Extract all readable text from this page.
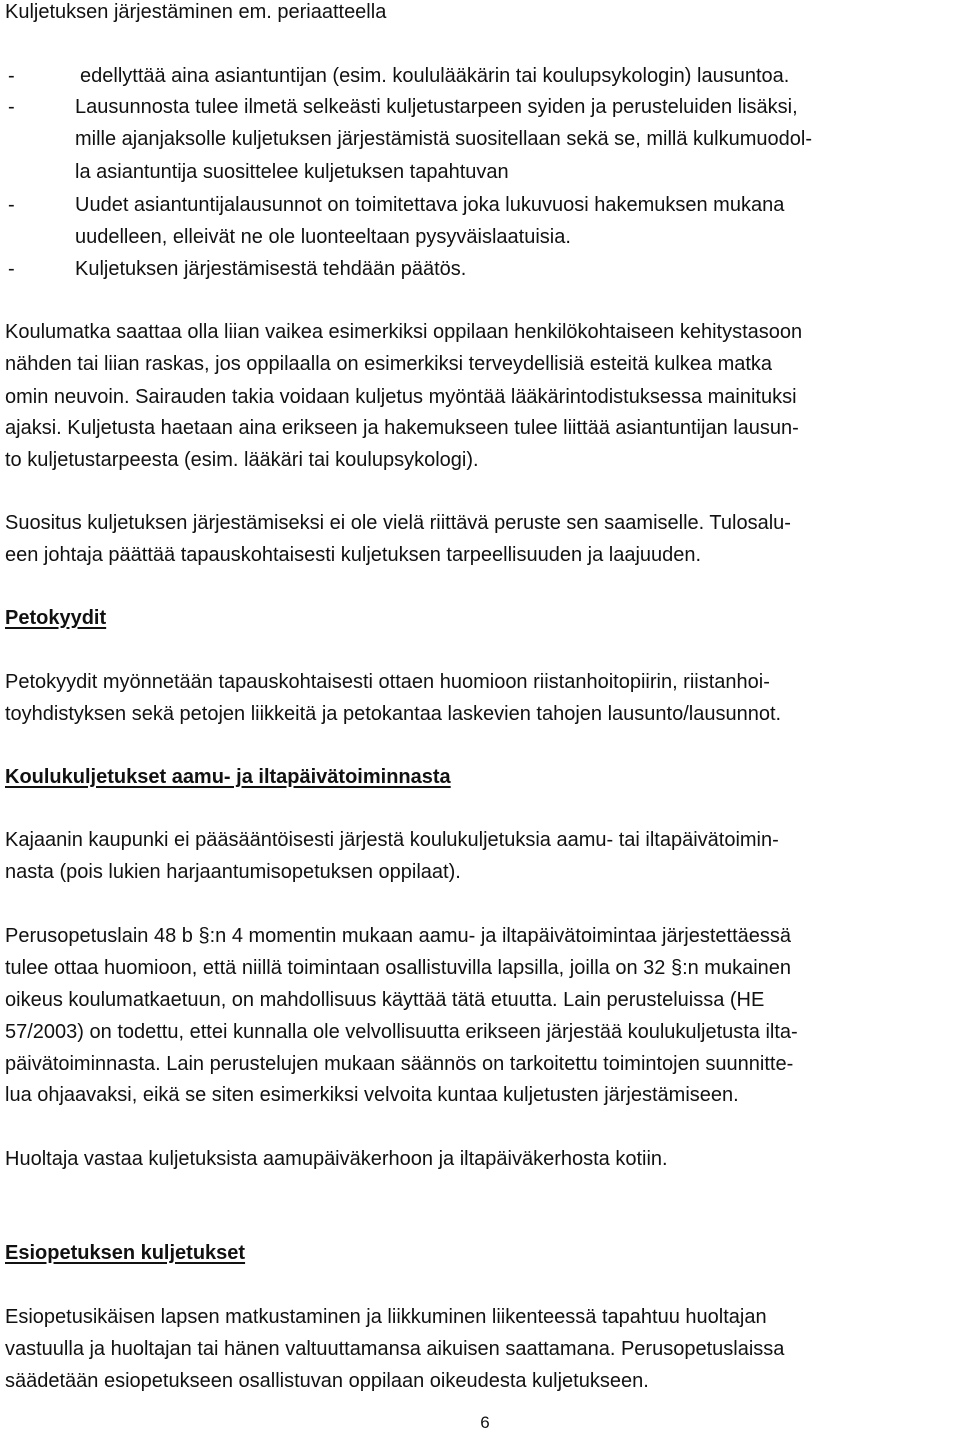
Kuljetuksen järjestäminen em. periaatteella
-	edellyttää aina asiantuntijan (esim. koululääkärin tai koulupsykologin) lausuntoa.
-	Lausunnosta tulee ilmetä selkeästi kuljetustarpeen syiden ja perusteluiden lisäksi,
mille ajanjaksolle kuljetuksen järjestämistä suositellaan sekä se, millä kulkumuodol-
la asiantuntija suosittelee kuljetuksen tapahtuvan
-	Uudet asiantuntijalausunnot on toimitettava joka lukuvuosi hakemuksen mukana
uudelleen, elleivät ne ole luonteeltaan pysyväislaatuisia.
-	Kuljetuksen järjestämisestä tehdään päätös.
Koulumatka saattaa olla liian vaikea esimerkiksi oppilaan henkilökohtaiseen kehitystasoon
nähden tai liian raskas, jos oppilaalla on esimerkiksi terveydellisiä esteitä kulkea matka
omin neuvoin. Sairauden takia voidaan kuljetus myöntää lääkärintodistuksessa mainituksi
ajaksi. Kuljetusta haetaan aina erikseen ja hakemukseen tulee liittää asiantuntijan lausun-
to kuljetustarpeesta (esim. lääkäri tai koulupsykologi).
Suositus kuljetuksen järjestämiseksi ei ole vielä riittävä peruste sen saamiselle. Tulosalu-
een johtaja päättää tapauskohtaisesti kuljetuksen tarpeellisuuden ja laajuuden.
Petokyydit
Petokyydit myönnetään tapauskohtaisesti ottaen huomioon riistanhoitopiirin, riistanhoi-
toyhdistyksen sekä petojen liikkeitä ja petokantaa laskevien tahojen lausunto/lausunnot.
Koulukuljetukset aamu- ja iltapäivätoiminnasta
Kajaanin kaupunki ei pääsääntöisesti järjestä koulukuljetuksia aamu- tai iltapäivätoimin-
nasta (pois lukien harjaantumisopetuksen oppilaat).
Perusopetuslain 48 b §:n 4 momentin mukaan aamu- ja iltapäivätoimintaa järjestettäessä
tulee ottaa huomioon, että niillä toimintaan osallistuvilla lapsilla, joilla on 32 §:n mukainen
oikeus koulumatkaetuun, on mahdollisuus käyttää tätä etuutta. Lain perusteluissa (HE
57/2003) on todettu, ettei kunnalla ole velvollisuutta erikseen järjestää koulukuljetusta ilta-
päivätoiminnasta. Lain perustelujen mukaan säännös on tarkoitettu toimintojen suunnitte-
lua ohjaavaksi, eikä se siten esimerkiksi velvoita kuntaa kuljetusten järjestämiseen.
Huoltaja vastaa kuljetuksista aamupäiväkerhoon ja iltapäiväkerhosta kotiin.
Esiopetuksen kuljetukset
Esiopetusikäisen lapsen matkustaminen ja liikkuminen liikenteessä tapahtuu huoltajan
vastuulla ja huoltajan tai hänen valtuuttamansa aikuisen saattamana. Perusopetuslaissa
säädetään esiopetukseen osallistuvan oppilaan oikeudesta kuljetukseen.
6
